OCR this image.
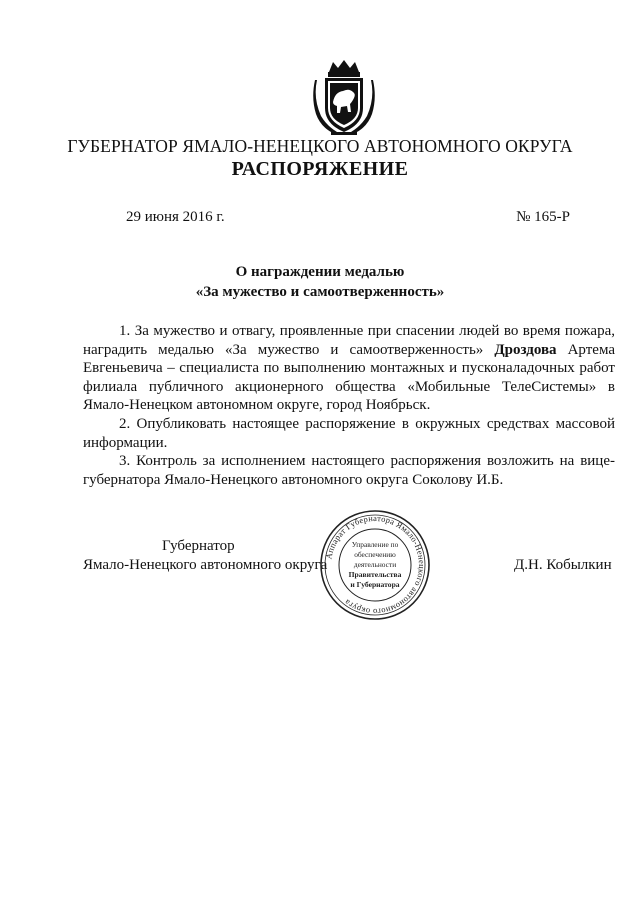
ГУБЕРНАТОР ЯМАЛО-НЕНЕЦКОГО АВТОНОМНОГО ОКРУГА
РАСПОРЯЖЕНИЕ
29 июня 2016 г.	№ 165-Р
О награждении медалью
«За мужество и самоотверженность»

1. За мужество и отвагу, проявленные при спасении людей во время пожара, наградить медалью «За мужество и самоотверженность» Дроздова Артема Евгеньевича – специалиста по выполнению монтажных и пусконаладочных работ филиала публичного акционерного общества «Мобильные ТелеСистемы» в Ямало-Ненецком автономном округе, город Ноябрьск.

2. Опубликовать настоящее распоряжение в окружных средствах массовой информации.

3. Контроль за исполнением настоящего распоряжения возложить на вице-губернатора Ямало-Ненецкого автономного округа Соколову И.Б.

Губернатор
Ямало-Ненецкого автономного округа	Д.Н. Кобылкин
Аппарат Губернатора Ямало-Ненецкого автономного округа
Управление по
обеспечению
деятельности
Правительства
и Губернатора
